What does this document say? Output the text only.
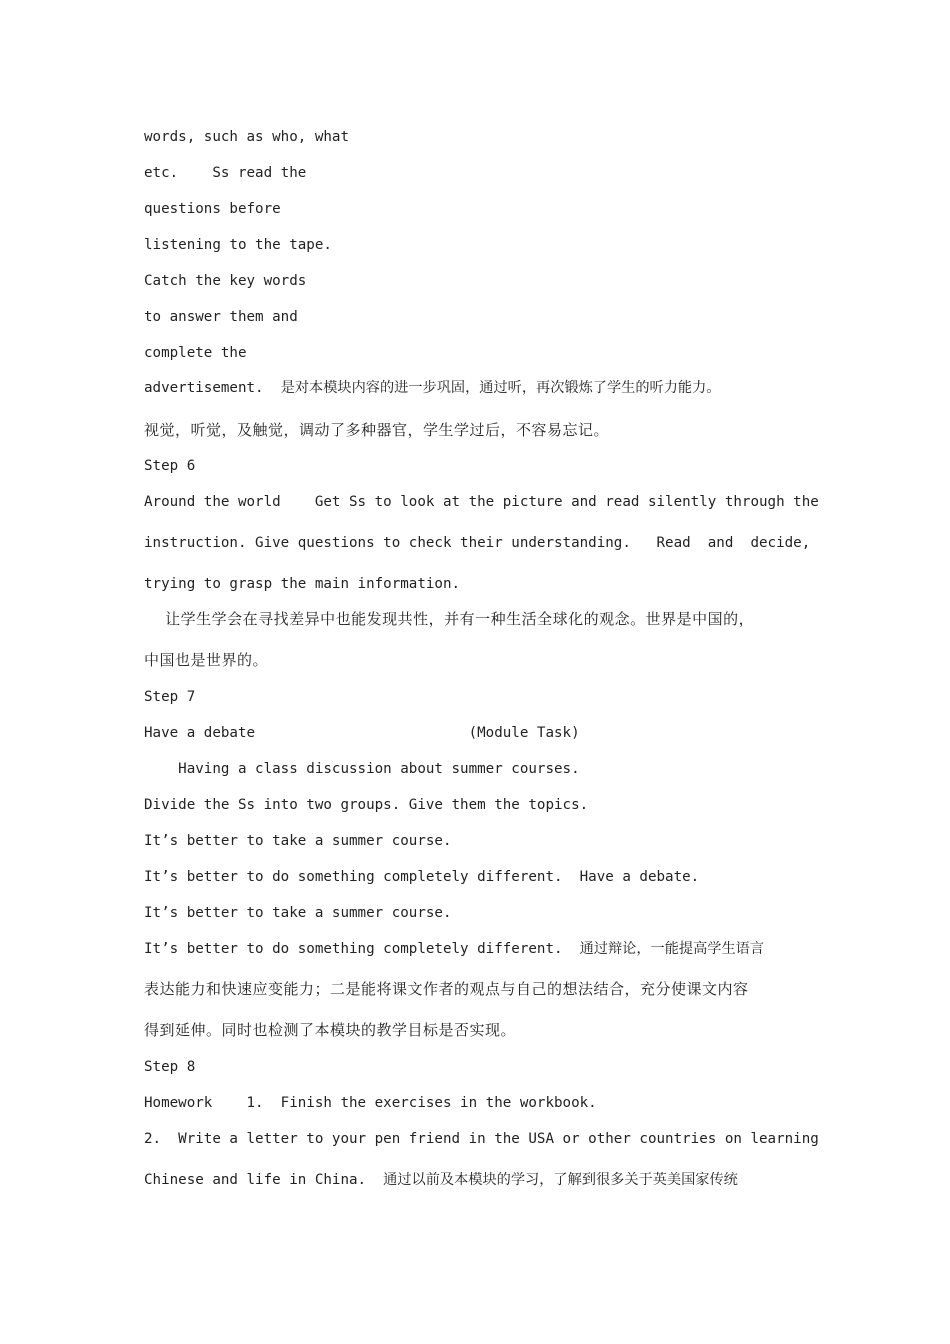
words, such as who, what
etc.    Ss read the
questions before
listening to the tape.
Catch the key words
to answer them and
complete the
advertisement.  是对本模块内容的进一步巩固，通过听，再次锻炼了学生的听力能力。
视觉，听觉，及触觉，调动了多种器官，学生学过后，不容易忘记。
Step 6
Around the world    Get Ss to look at the picture and read silently through the
instruction. Give questions to check their understanding.   Read  and  decide,
trying to grasp the main information.
让学生学会在寻找差异中也能发现共性，并有一种生活全球化的观念。世界是中国的，
中国也是世界的。
Step 7
Have a debate                         (Module Task)
Having a class discussion about summer courses.
Divide the Ss into two groups. Give them the topics.
It’s better to take a summer course.
It’s better to do something completely different.  Have a debate.
It’s better to take a summer course.
It’s better to do something completely different.  通过辩论，一能提高学生语言
表达能力和快速应变能力；二是能将课文作者的观点与自己的想法结合，充分使课文内容
得到延伸。同时也检测了本模块的教学目标是否实现。
Step 8
Homework    1.  Finish the exercises in the workbook.
2.  Write a letter to your pen friend in the USA or other countries on learning
Chinese and life in China.  通过以前及本模块的学习，了解到很多关于英美国家传统
